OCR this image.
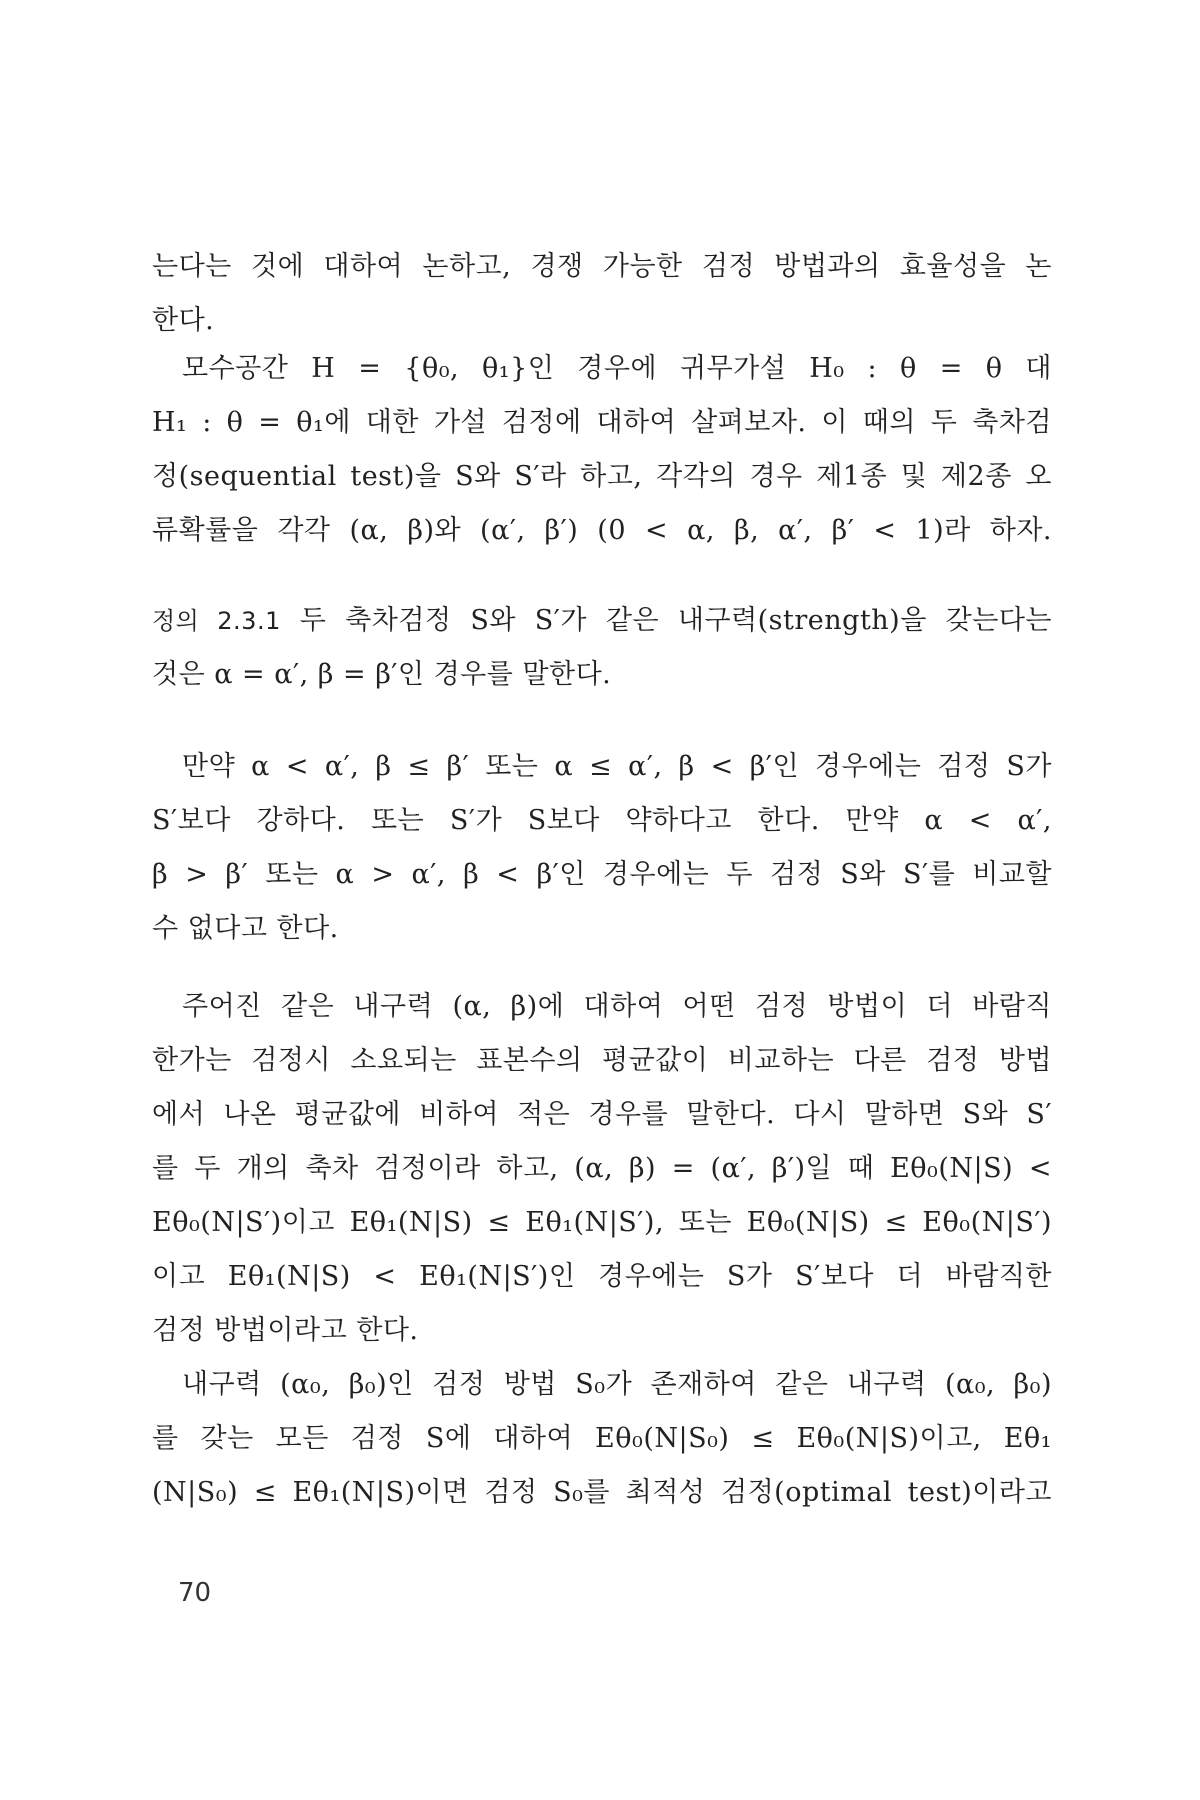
는다는 것에 대하여 논하고, 경쟁 가능한 검정 방법과의 효율성을 논
한다.
모수공간 H = {θ₀, θ₁}인 경우에 귀무가설 H₀ : θ = θ 대
H₁ : θ = θ₁에 대한 가설 검정에 대하여 살펴보자. 이 때의 두 축차검
정(sequential test)을 S와 S′라 하고, 각각의 경우 제1종 및 제2종 오
류확률을 각각 (α, β)와 (α′, β′) (0 < α, β, α′, β′ < 1)라 하자.
정의 2.3.1 두 축차검정 S와 S′가 같은 내구력(strength)을 갖는다는
것은 α = α′, β = β′인 경우를 말한다.
만약 α < α′, β ≤ β′ 또는 α ≤ α′, β < β′인 경우에는 검정 S가
S′보다 강하다. 또는 S′가 S보다 약하다고 한다. 만약 α < α′,
β > β′ 또는 α > α′, β < β′인 경우에는 두 검정 S와 S′를 비교할
수 없다고 한다.
주어진 같은 내구력 (α, β)에 대하여 어떤 검정 방법이 더 바람직
한가는 검정시 소요되는 표본수의 평균값이 비교하는 다른 검정 방법
에서 나온 평균값에 비하여 적은 경우를 말한다. 다시 말하면 S와 S′
를 두 개의 축차 검정이라 하고, (α, β) = (α′, β′)일 때 Eθ₀(N|S) <
Eθ₀(N|S′)이고 Eθ₁(N|S) ≤ Eθ₁(N|S′), 또는 Eθ₀(N|S) ≤ Eθ₀(N|S′)
이고 Eθ₁(N|S) < Eθ₁(N|S′)인 경우에는 S가 S′보다 더 바람직한
검정 방법이라고 한다.
내구력 (α₀, β₀)인 검정 방법 S₀가 존재하여 같은 내구력 (α₀, β₀)
를 갖는 모든 검정 S에 대하여 Eθ₀(N|S₀) ≤ Eθ₀(N|S)이고, Eθ₁
(N|S₀) ≤ Eθ₁(N|S)이면 검정 S₀를 최적성 검정(optimal test)이라고
70
